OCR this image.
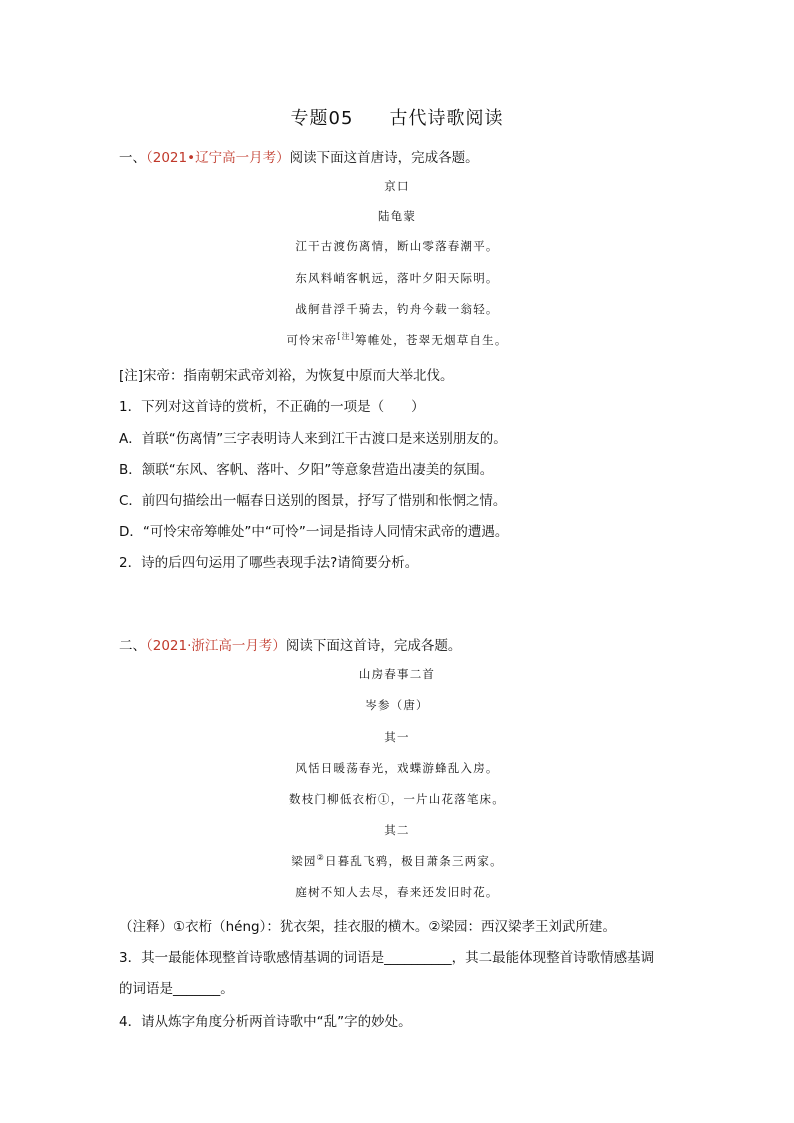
专题05 古代诗歌阅读
一、（2021•辽宁高一月考）阅读下面这首唐诗，完成各题。
京口
陆龟蒙
江干古渡伤离情，断山零落春潮平。
东风料峭客帆远，落叶夕阳天际明。
战舸昔浮千骑去，钓舟今载一翁轻。
可怜宋帝[注]筹帷处，苍翠无烟草自生。
[注]宋帝：指南朝宋武帝刘裕，为恢复中原而大举北伐。
1．下列对这首诗的赏析，不正确的一项是（　　）
A．首联“伤离情”三字表明诗人来到江干古渡口是来送别朋友的。
B．颔联“东风、客帆、落叶、夕阳”等意象营造出凄美的氛围。
C．前四句描绘出一幅春日送别的图景，抒写了惜别和怅惘之情。
D．“可怜宋帝筹帷处”中“可怜”一词是指诗人同情宋武帝的遭遇。
2．诗的后四句运用了哪些表现手法?请简要分析。
二、（2021·浙江高一月考）阅读下面这首诗，完成各题。
山房春事二首
岑参（唐）
其一
风恬日暖荡春光，戏蝶游蜂乱入房。
数枝门柳低衣桁①，一片山花落笔床。
其二
梁园②日暮乱飞鸦，极目萧条三两家。
庭树不知人去尽，春来还发旧时花。
（注释）①衣桁（héng）：犹衣架，挂衣服的横木。②梁园：西汉梁孝王刘武所建。
3．其一最能体现整首诗歌感情基调的词语是__________，其二最能体现整首诗歌情感基调
的词语是_______。
4．请从炼字角度分析两首诗歌中“乱”字的妙处。
